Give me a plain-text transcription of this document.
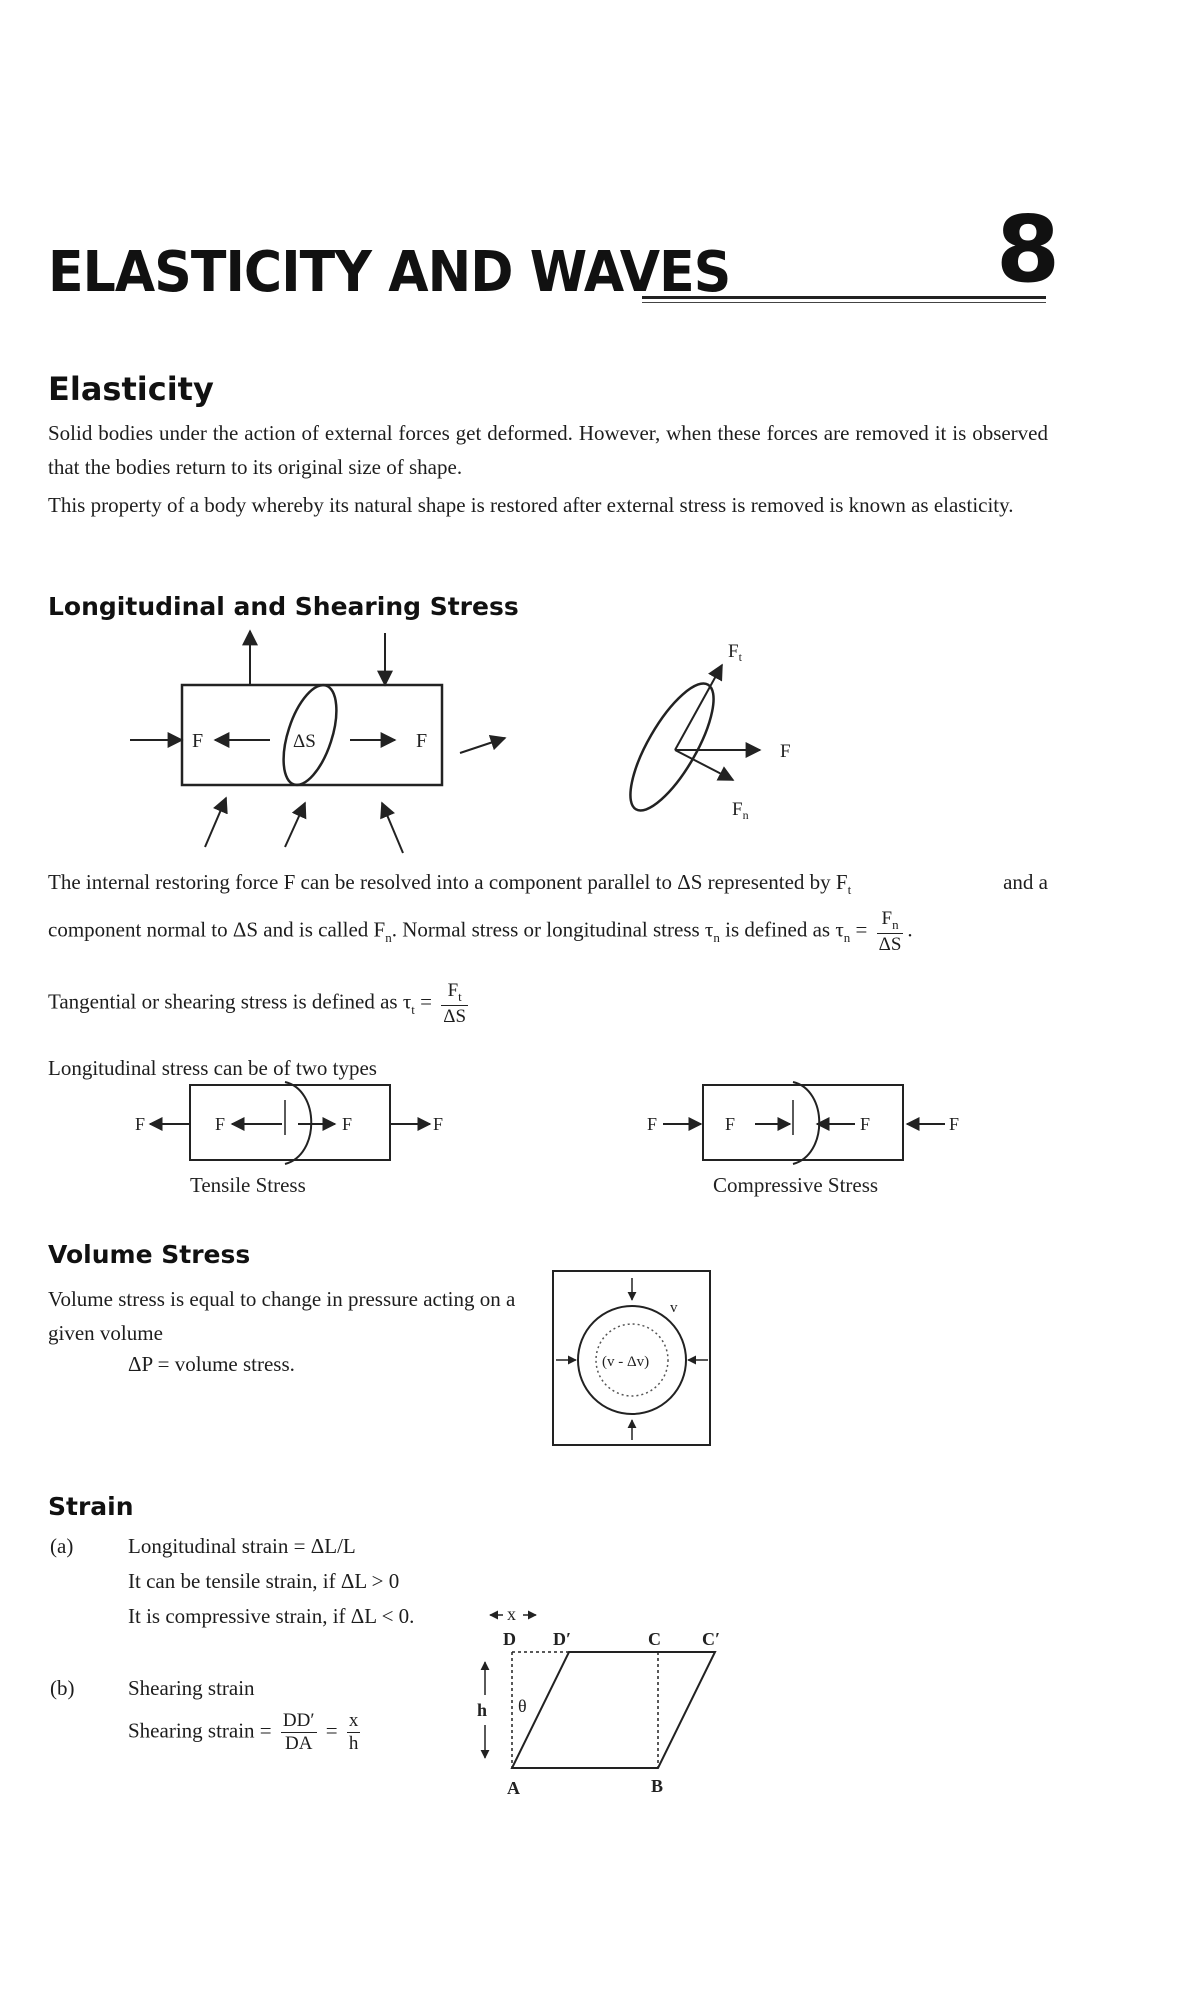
ELASTICITY AND WAVES	8
Elasticity
Solid bodies under the action of external forces get deformed. However, when these forces are removed it is observed that the bodies return to its original size of shape.
This property of a body whereby its natural shape is restored after external stress is removed is known as elasticity.
Longitudinal and Shearing Stress
F	ΔS	F
$F_t$
F
$F_n$
The internal restoring force F can be resolved into a component parallel to ΔS represented by $F_t$	and a
component normal to ΔS and is called $F_n$. Normal stress or longitudinal stress $\tau_n$ is defined as $\tau_n = \frac{F_n}{\Delta S}$ .
Tangential or shearing stress is defined as $\tau_t = \frac{F_t}{\Delta S}$
Longitudinal stress can be of two types
F	F	F	F
Tensile Stress
F	F	F	F
Compressive Stress
Volume Stress
Volume stress is equal to change in pressure acting on a given volume
ΔP = volume stress.
v
(v - Δv)
Strain
(a)	Longitudinal strain = ΔL/L
It can be tensile strain, if ΔL > 0
It is compressive strain, if ΔL < 0.
(b)	Shearing strain
Shearing strain = $\frac{DD'}{DA} = \frac{x}{h}$
x
D D′	C C′
h θ
A	B
